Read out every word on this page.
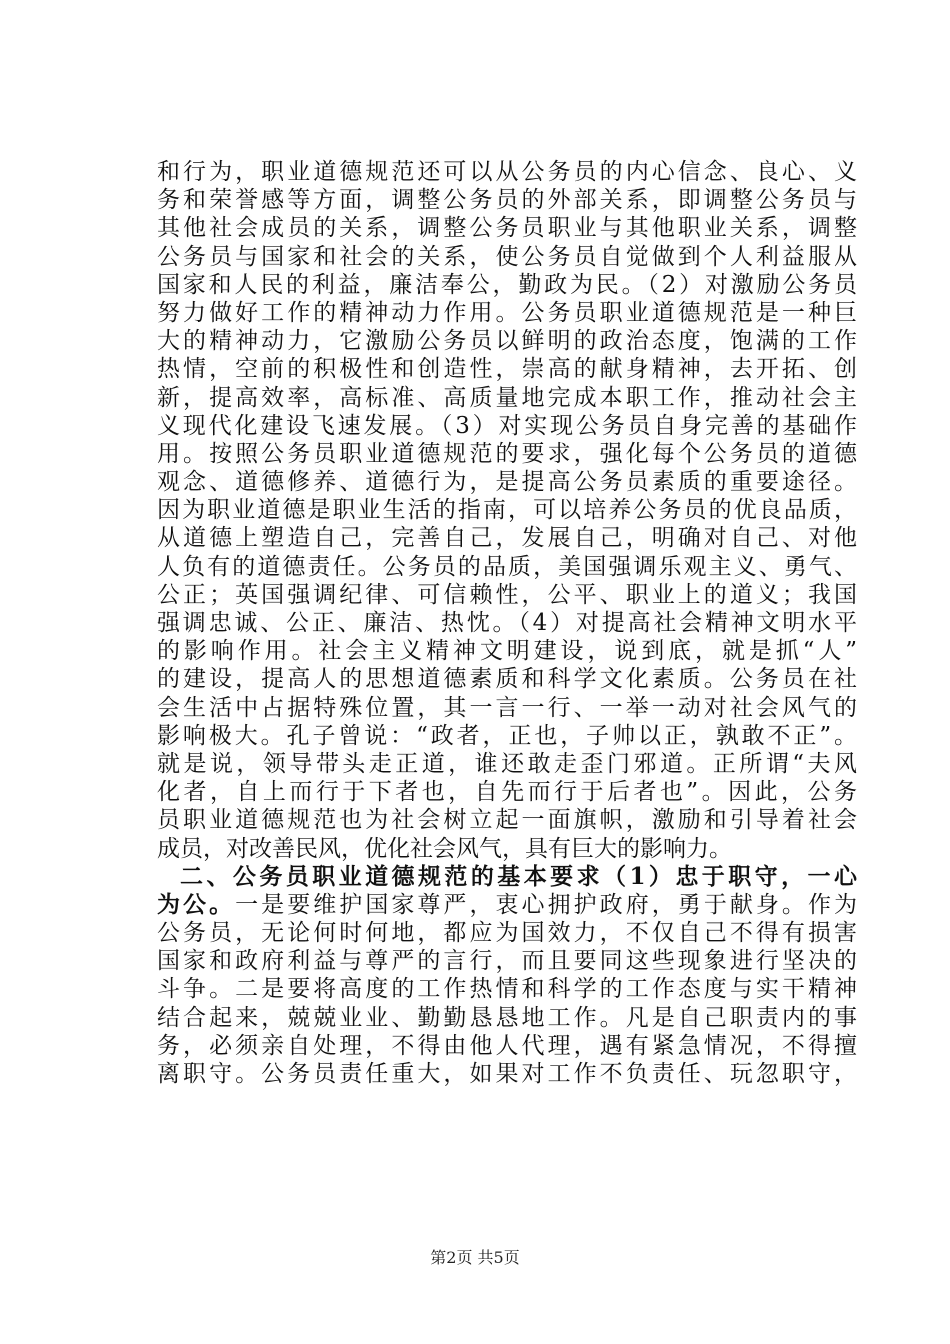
和行为，职业道德规范还可以从公务员的内心信念、良心、义
务和荣誉感等方面，调整公务员的外部关系，即调整公务员与
其他社会成员的关系，调整公务员职业与其他职业关系，调整
公务员与国家和社会的关系，使公务员自觉做到个人利益服从
国家和人民的利益，廉洁奉公，勤政为民。（2）对激励公务员
努力做好工作的精神动力作用。公务员职业道德规范是一种巨
大的精神动力，它激励公务员以鲜明的政治态度，饱满的工作
热情，空前的积极性和创造性，崇高的献身精神，去开拓、创
新，提高效率，高标准、高质量地完成本职工作，推动社会主
义现代化建设飞速发展。（3）对实现公务员自身完善的基础作
用。按照公务员职业道德规范的要求，强化每个公务员的道德
观念、道德修养、道德行为，是提高公务员素质的重要途径。
因为职业道德是职业生活的指南，可以培养公务员的优良品质，
从道德上塑造自己，完善自己，发展自己，明确对自己、对他
人负有的道德责任。公务员的品质，美国强调乐观主义、勇气、
公正；英国强调纪律、可信赖性，公平、职业上的道义；我国
强调忠诚、公正、廉洁、热忱。（4）对提高社会精神文明水平
的影响作用。社会主义精神文明建设，说到底，就是抓“人”
的建设，提高人的思想道德素质和科学文化素质。公务员在社
会生活中占据特殊位置，其一言一行、一举一动对社会风气的
影响极大。孔子曾说：“政者，正也，子帅以正，孰敢不正”。
就是说，领导带头走正道，谁还敢走歪门邪道。正所谓“夫风
化者，自上而行于下者也，自先而行于后者也”。因此，公务
员职业道德规范也为社会树立起一面旗帜，激励和引导着社会
成员，对改善民风，优化社会风气，具有巨大的影响力。
二、公务员职业道德规范的基本要求（1）忠于职守，一心
为公。一是要维护国家尊严，衷心拥护政府，勇于献身。作为
公务员，无论何时何地，都应为国效力，不仅自己不得有损害
国家和政府利益与尊严的言行，而且要同这些现象进行坚决的
斗争。二是要将高度的工作热情和科学的工作态度与实干精神
结合起来，兢兢业业、勤勤恳恳地工作。凡是自己职责内的事
务，必须亲自处理，不得由他人代理，遇有紧急情况，不得擅
离职守。公务员责任重大，如果对工作不负责任、玩忽职守，
第2页 共5页
